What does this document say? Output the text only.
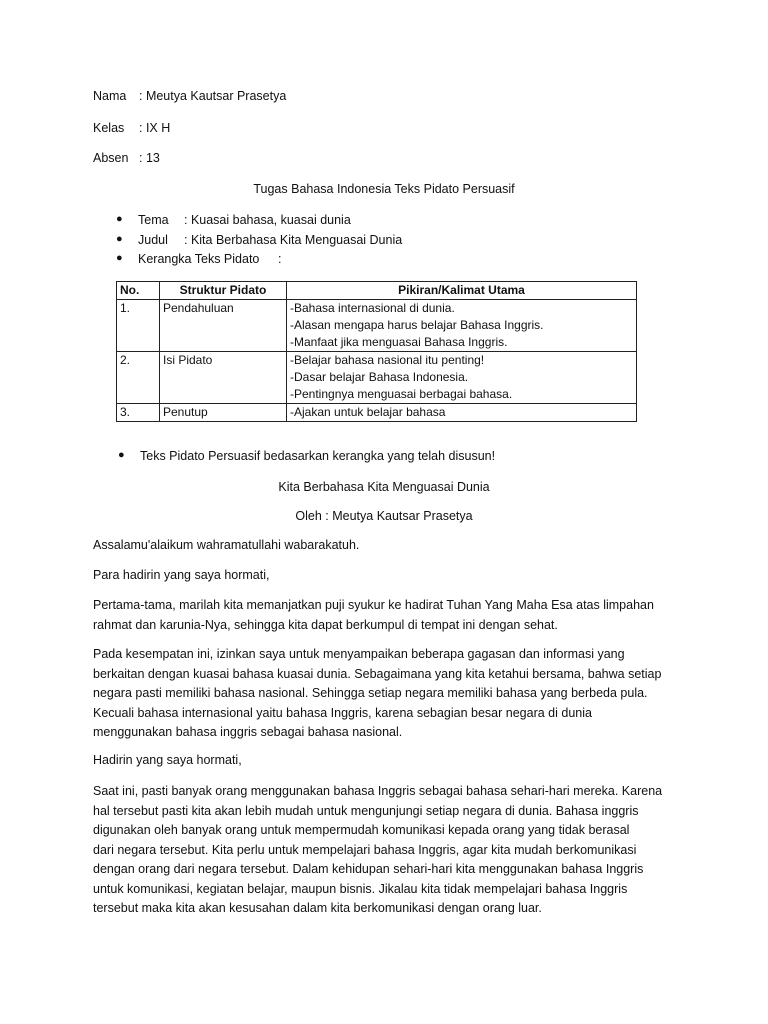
Nama : Meutya Kautsar Prasetya
Kelas : IX H
Absen : 13
Tugas Bahasa Indonesia Teks Pidato Persuasif
● Tema : Kuasai bahasa, kuasai dunia
● Judul : Kita Berbahasa Kita Menguasai Dunia
● Kerangka Teks Pidato :
No.	Struktur Pidato	Pikiran/Kalimat Utama
1.	Pendahuluan	-Bahasa internasional di dunia.
-Alasan mengapa harus belajar Bahasa Inggris.
-Manfaat jika menguasai Bahasa Inggris.

2.	Isi Pidato	-Belajar bahasa nasional itu penting!
-Dasar belajar Bahasa Indonesia.
-Pentingnya menguasai berbagai bahasa.

3.	Penutup	-Ajakan untuk belajar bahasa
● Teks Pidato Persuasif bedasarkan kerangka yang telah disusun!
Kita Berbahasa Kita Menguasai Dunia
Oleh : Meutya Kautsar Prasetya
Assalamu'alaikum wahramatullahi wabarakatuh.
Para hadirin yang saya hormati,
Pertama-tama, marilah kita memanjatkan puji syukur ke hadirat Tuhan Yang Maha Esa atas limpahan
rahmat dan karunia-Nya, sehingga kita dapat berkumpul di tempat ini dengan sehat.
Pada kesempatan ini, izinkan saya untuk menyampaikan beberapa gagasan dan informasi yang
berkaitan dengan kuasai bahasa kuasai dunia. Sebagaimana yang kita ketahui bersama, bahwa setiap
negara pasti memiliki bahasa nasional. Sehingga setiap negara memiliki bahasa yang berbeda pula.
Kecuali bahasa internasional yaitu bahasa Inggris, karena sebagian besar negara di dunia
menggunakan bahasa inggris sebagai bahasa nasional.
Hadirin yang saya hormati,
Saat ini, pasti banyak orang menggunakan bahasa Inggris sebagai bahasa sehari-hari mereka. Karena
hal tersebut pasti kita akan lebih mudah untuk mengunjungi setiap negara di dunia. Bahasa inggris
digunakan oleh banyak orang untuk mempermudah komunikasi kepada orang yang tidak berasal
dari negara tersebut. Kita perlu untuk mempelajari bahasa Inggris, agar kita mudah berkomunikasi
dengan orang dari negara tersebut. Dalam kehidupan sehari-hari kita menggunakan bahasa Inggris
untuk komunikasi, kegiatan belajar, maupun bisnis. Jikalau kita tidak mempelajari bahasa Inggris
tersebut maka kita akan kesusahan dalam kita berkomunikasi dengan orang luar.
